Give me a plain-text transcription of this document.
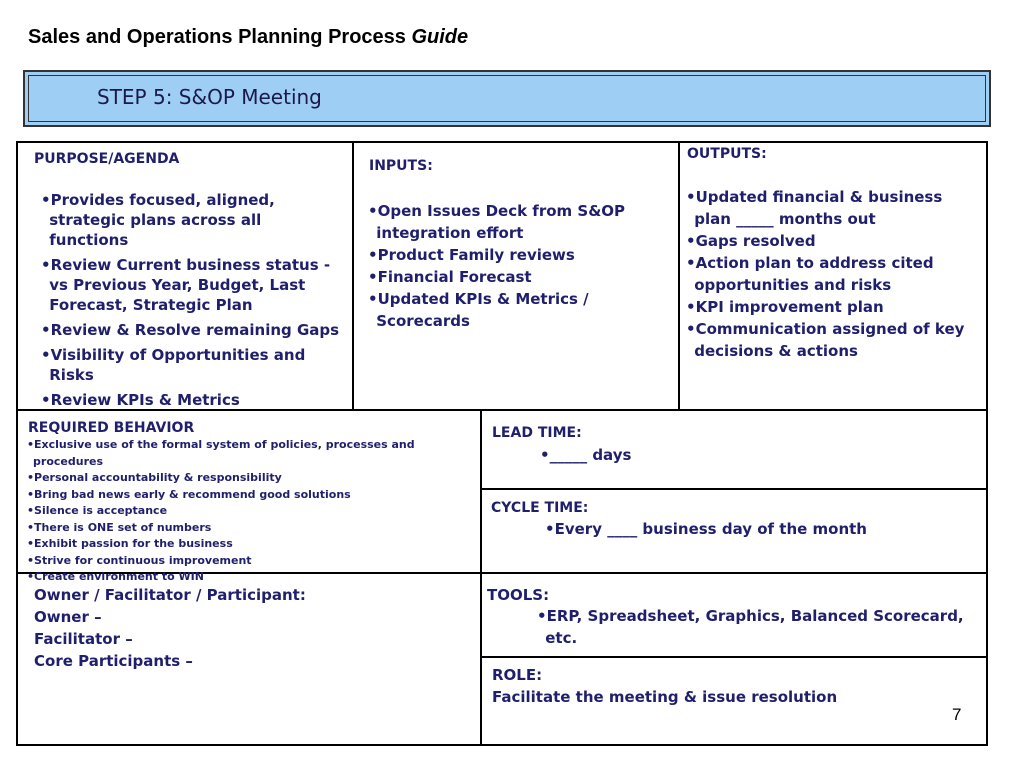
Sales and Operations Planning Process Guide
STEP 5: S&OP Meeting
PURPOSE/AGENDA
• Provides focused, aligned, strategic plans across all functions
• Review Current business status - vs Previous Year, Budget, Last Forecast, Strategic Plan
• Review & Resolve remaining Gaps
• Visibility of Opportunities and Risks
• Review KPIs & Metrics
INPUTS:
• Open Issues Deck from S&OP integration effort
• Product Family reviews
• Financial Forecast
• Updated KPIs & Metrics / Scorecards
OUTPUTS:
• Updated financial & business plan _____ months out
• Gaps resolved
• Action plan to address cited opportunities and risks
• KPI improvement plan
• Communication assigned of key decisions & actions
REQUIRED BEHAVIOR
• Exclusive use of the formal system of policies, processes and procedures
• Personal accountability & responsibility
• Bring bad news early & recommend good solutions
• Silence is acceptance
• There is ONE set of numbers
• Exhibit passion for the business
• Strive for continuous improvement
• Create environment to WIN
LEAD TIME:
• _____ days
CYCLE TIME:
• Every ____ business day of the month
Owner / Facilitator / Participant:
Owner –
Facilitator –
Core Participants –
TOOLS:
• ERP, Spreadsheet, Graphics, Balanced Scorecard, etc.
ROLE:
Facilitate the meeting & issue resolution
7
